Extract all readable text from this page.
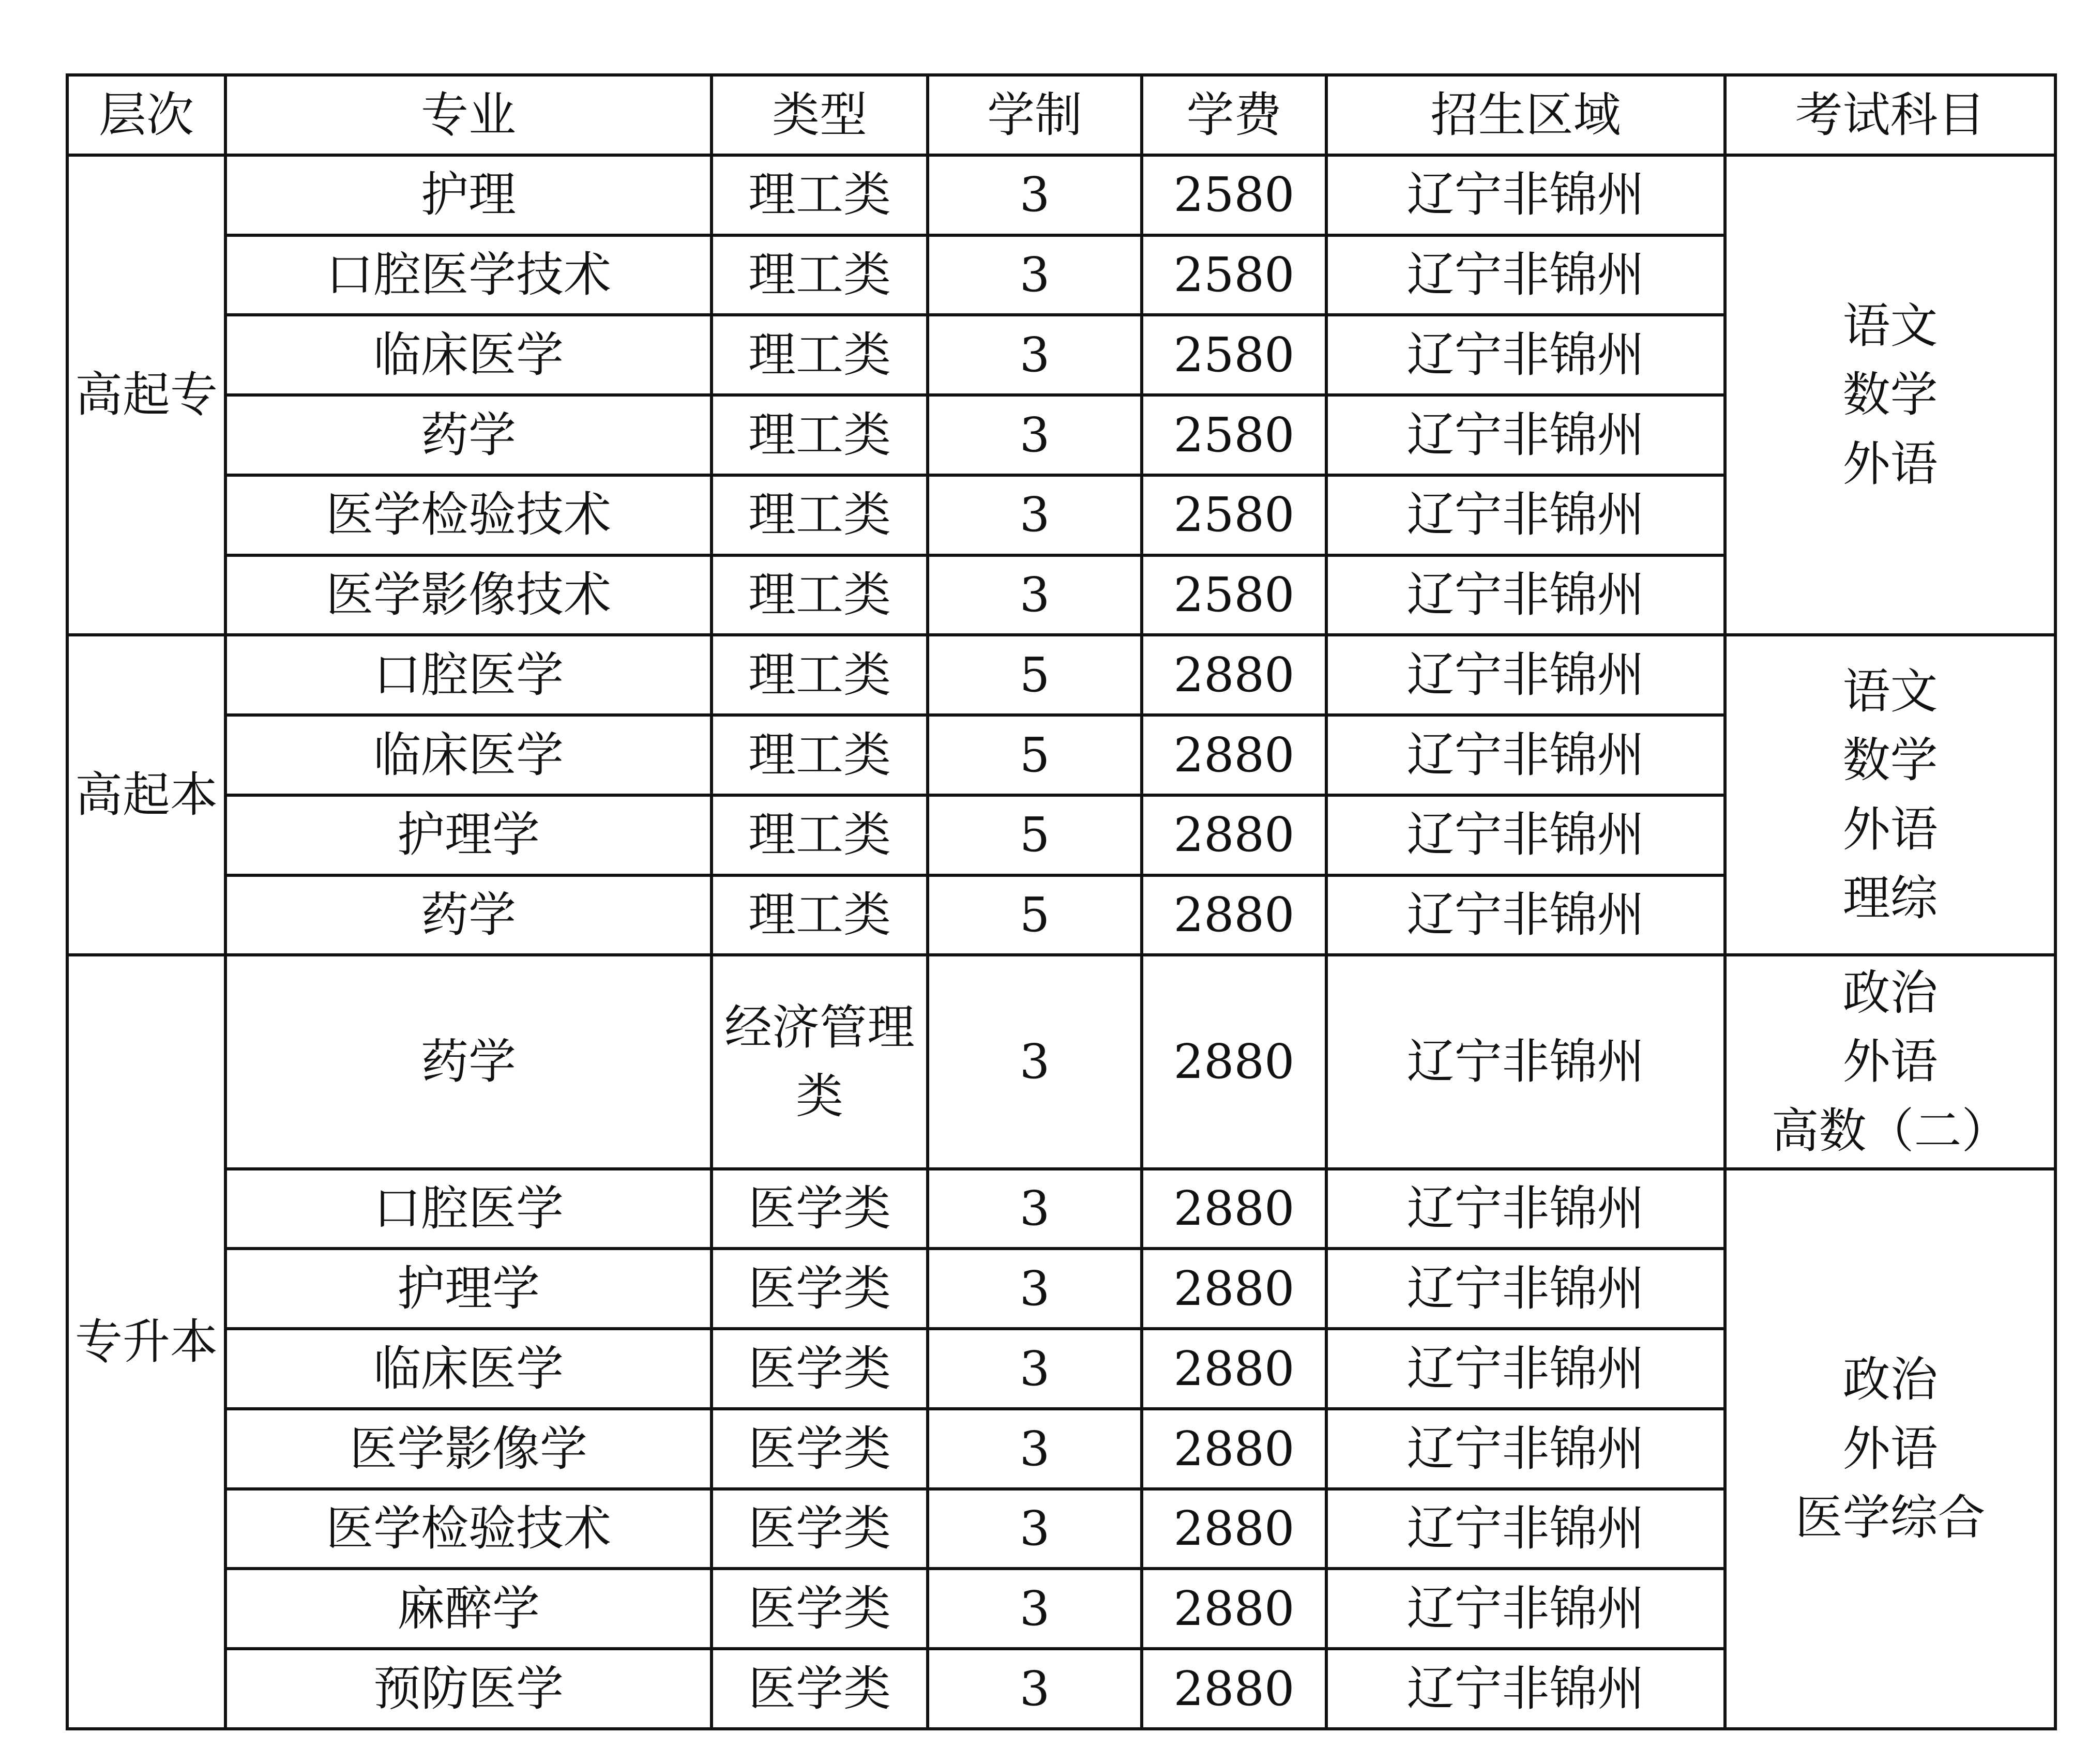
层次	专业	类型	学制	学费	招生区域	考试科目
高起专	护理	理工类	3	2580	辽宁非锦州	语文
数学
外语

	口腔医学技术	理工类	3	2580	辽宁非锦州	
	临床医学	理工类	3	2580	辽宁非锦州	
	药学	理工类	3	2580	辽宁非锦州	
	医学检验技术	理工类	3	2580	辽宁非锦州	
	医学影像技术	理工类	3	2580	辽宁非锦州	
高起本	口腔医学	理工类	5	2880	辽宁非锦州	语文
数学
外语
理综

	临床医学	理工类	5	2880	辽宁非锦州	
	护理学	理工类	5	2880	辽宁非锦州	
	药学	理工类	5	2880	辽宁非锦州	
专升本	药学	经济管理类	3	2880	辽宁非锦州	政治
外语
高数（二）

	口腔医学	医学类	3	2880	辽宁非锦州	政治
外语
医学综合

	护理学	医学类	3	2880	辽宁非锦州	
	临床医学	医学类	3	2880	辽宁非锦州	
	医学影像学	医学类	3	2880	辽宁非锦州	
	医学检验技术	医学类	3	2880	辽宁非锦州	
	麻醉学	医学类	3	2880	辽宁非锦州	
	预防医学	医学类	3	2880	辽宁非锦州	
